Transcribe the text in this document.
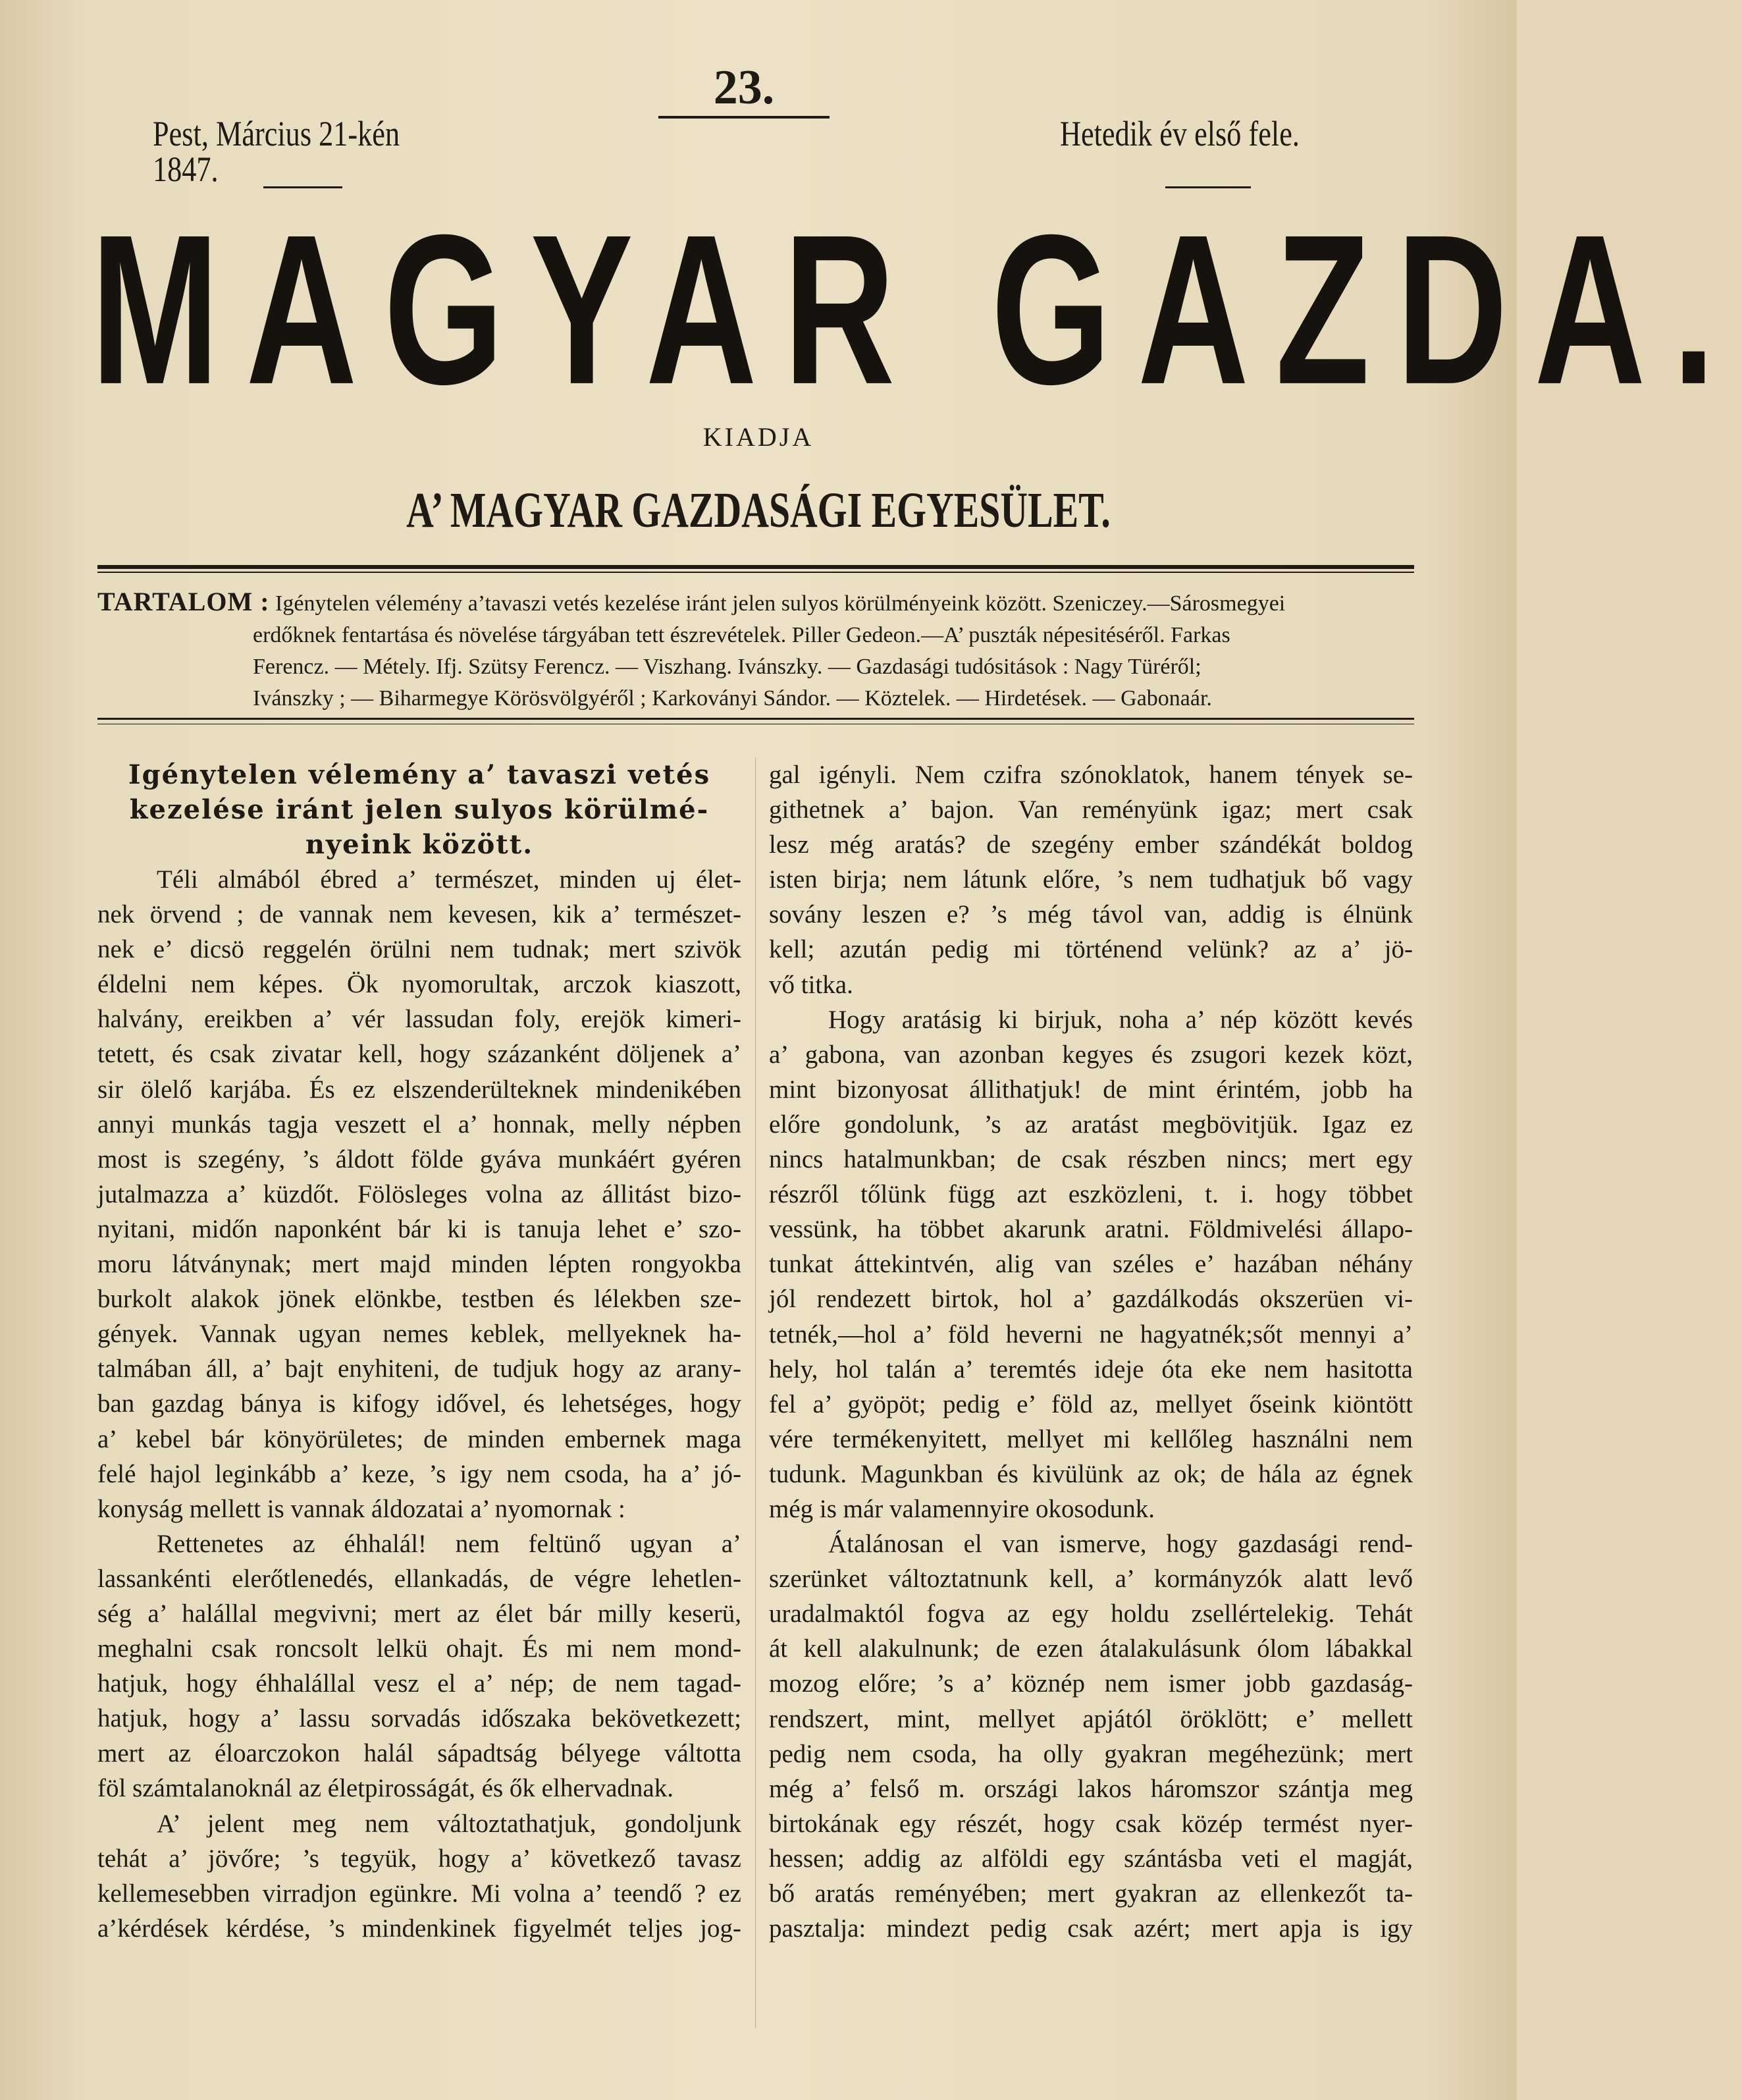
23.
Pest, Március 21-kén 1847.
Hetedik év első fele.
MAGYAR GAZDA.
KIADJA
A’ MAGYAR GAZDASÁGI EGYESÜLET.
TARTALOM : Igénytelen vélemény a’tavaszi vetés kezelése iránt jelen sulyos körülményeink között. Szeniczey.—Sárosmegyei
erdőknek fentartása és növelése tárgyában tett észrevételek. Piller Gedeon.—A’ puszták népesitéséről. Farkas
Ferencz. — Métely. Ifj. Szütsy Ferencz. — Viszhang. Ivánszky. — Gazdasági tudósitások : Nagy Türéről;
Ivánszky ; — Biharmegye Körösvölgyéről ; Karkoványi Sándor. — Köztelek. — Hirdetések. — Gabonaár.
Igénytelen vélemény a’ tavaszi vetés
kezelése iránt jelen sulyos körülmé-
nyeink között.
Téli almából ébred a’ természet, minden uj élet-
nek örvend ; de vannak nem kevesen, kik a’ természet-
nek e’ dicsö reggelén örülni nem tudnak; mert szivök
éldelni nem képes. Ök nyomorultak, arczok kiaszott,
halvány, ereikben a’ vér lassudan foly, erejök kimeri-
tetett, és csak zivatar kell, hogy százanként döljenek a’
sir ölelő karjába. És ez elszenderülteknek mindenikében
annyi munkás tagja veszett el a’ honnak, melly népben
most is szegény, ’s áldott földe gyáva munkáért gyéren
jutalmazza a’ küzdőt. Fölösleges volna az állitást bizo-
nyitani, midőn naponként bár ki is tanuja lehet e’ szo-
moru látványnak; mert majd minden lépten rongyokba
burkolt alakok jönek elönkbe, testben és lélekben sze-
gények. Vannak ugyan nemes keblek, mellyeknek ha-
talmában áll, a’ bajt enyhiteni, de tudjuk hogy az arany-
ban gazdag bánya is kifogy idővel, és lehetséges, hogy
a’ kebel bár könyörületes; de minden embernek maga
felé hajol leginkább a’ keze, ’s igy nem csoda, ha a’ jó-
konyság mellett is vannak áldozatai a’ nyomornak :
Rettenetes az éhhalál! nem feltünő ugyan a’
lassankénti elerőtlenedés, ellankadás, de végre lehetlen-
ség a’ halállal megvivni; mert az élet bár milly keserü,
meghalni csak roncsolt lelkü ohajt. És mi nem mond-
hatjuk, hogy éhhalállal vesz el a’ nép; de nem tagad-
hatjuk, hogy a’ lassu sorvadás időszaka bekövetkezett;
mert az éloarczokon halál sápadtság bélyege váltotta
föl számtalanoknál az életpirosságát, és ők elhervadnak.
A’ jelent meg nem változtathatjuk, gondoljunk
tehát a’ jövőre; ’s tegyük, hogy a’ következő tavasz
kellemesebben virradjon egünkre. Mi volna a’ teendő ? ez
a’kérdések kérdése, ’s mindenkinek figyelmét teljes jog-
gal igényli. Nem czifra szónoklatok, hanem tények se-
githetnek a’ bajon. Van reményünk igaz; mert csak
lesz még aratás? de szegény ember szándékát boldog
isten birja; nem látunk előre, ’s nem tudhatjuk bő vagy
sovány leszen e? ’s még távol van, addig is élnünk
kell; azután pedig mi történend velünk? az a’ jö-
vő titka.
Hogy aratásig ki birjuk, noha a’ nép között kevés
a’ gabona, van azonban kegyes és zsugori kezek közt,
mint bizonyosat állithatjuk! de mint érintém, jobb ha
előre gondolunk, ’s az aratást megbövitjük. Igaz ez
nincs hatalmunkban; de csak részben nincs; mert egy
részről tőlünk függ azt eszközleni, t. i. hogy többet
vessünk, ha többet akarunk aratni. Földmivelési állapo-
tunkat áttekintvén, alig van széles e’ hazában néhány
jól rendezett birtok, hol a’ gazdálkodás okszerüen vi-
tetnék,—hol a’ föld heverni ne hagyatnék;sőt mennyi a’
hely, hol talán a’ teremtés ideje óta eke nem hasitotta
fel a’ gyöpöt; pedig e’ föld az, mellyet őseink kiöntött
vére termékenyitett, mellyet mi kellőleg használni nem
tudunk. Magunkban és kivülünk az ok; de hála az égnek
még is már valamennyire okosodunk.
Átalánosan el van ismerve, hogy gazdasági rend-
szerünket változtatnunk kell, a’ kormányzók alatt levő
uradalmaktól fogva az egy holdu zsellértelekig. Tehát
át kell alakulnunk; de ezen átalakulásunk ólom lábakkal
mozog előre; ’s a’ köznép nem ismer jobb gazdaság-
rendszert, mint, mellyet apjától öröklött; e’ mellett
pedig nem csoda, ha olly gyakran megéhezünk; mert
még a’ felső m. országi lakos háromszor szántja meg
birtokának egy részét, hogy csak közép termést nyer-
hessen; addig az alföldi egy szántásba veti el magját,
bő aratás reményében; mert gyakran az ellenkezőt ta-
pasztalja: mindezt pedig csak azért; mert apja is igy
